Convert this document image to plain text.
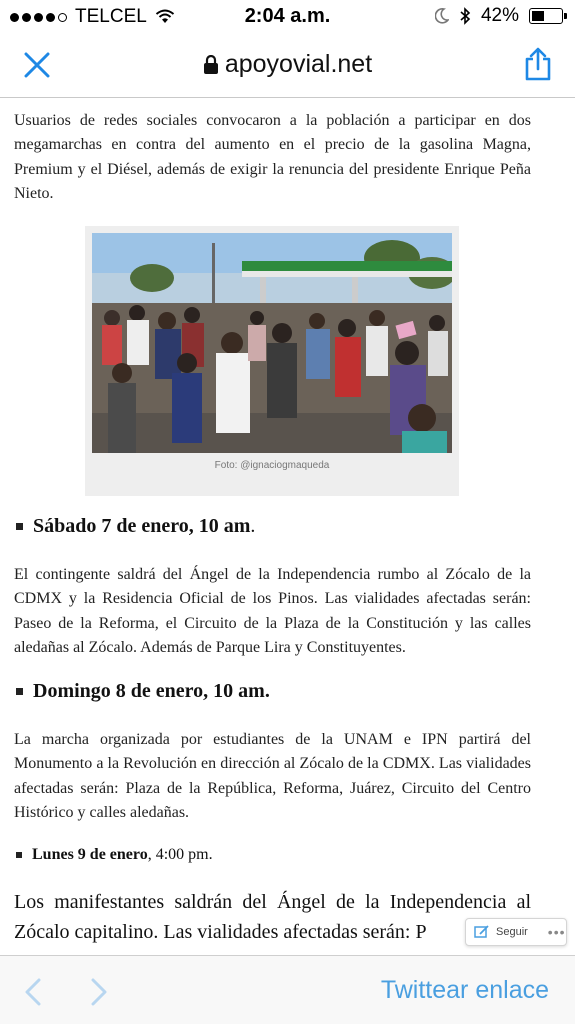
TELCEL	2:04 a.m.	42%
apoyovial.net

Usuarios de redes sociales convocaron a la población a participar en dos megamarchas en contra del aumento en el precio de la gasolina Magna, Premium y el Diésel, además de exigir la renuncia del presidente Enrique Peña Nieto.

Foto: @ignaciogmaqueda
Sábado 7 de enero, 10 am .

El contingente saldrá del Ángel de la Independencia rumbo al Zócalo de la CDMX y la Residencia Oficial de los Pinos. Las vialidades afectadas serán: Paseo de la Reforma, el Circuito de la Plaza de la Constitución y las calles aledañas al Zócalo. Además de Parque Lira y Constituyentes.

Domingo 8 de enero, 10 am.

La marcha organizada por estudiantes de la UNAM e IPN partirá del Monumento a la Revolución en dirección al Zócalo de la CDMX. Las vialidades afectadas serán: Plaza de la República, Reforma, Juárez, Circuito del Centro Histórico y calles aledañas.

Lunes 9 de enero , 4:00 pm.

Los manifestantes saldrán del Ángel de la Independencia al Zócalo capitalino. Las vialidades afectadas serán: P	Seguir •••
Twittear enlace
